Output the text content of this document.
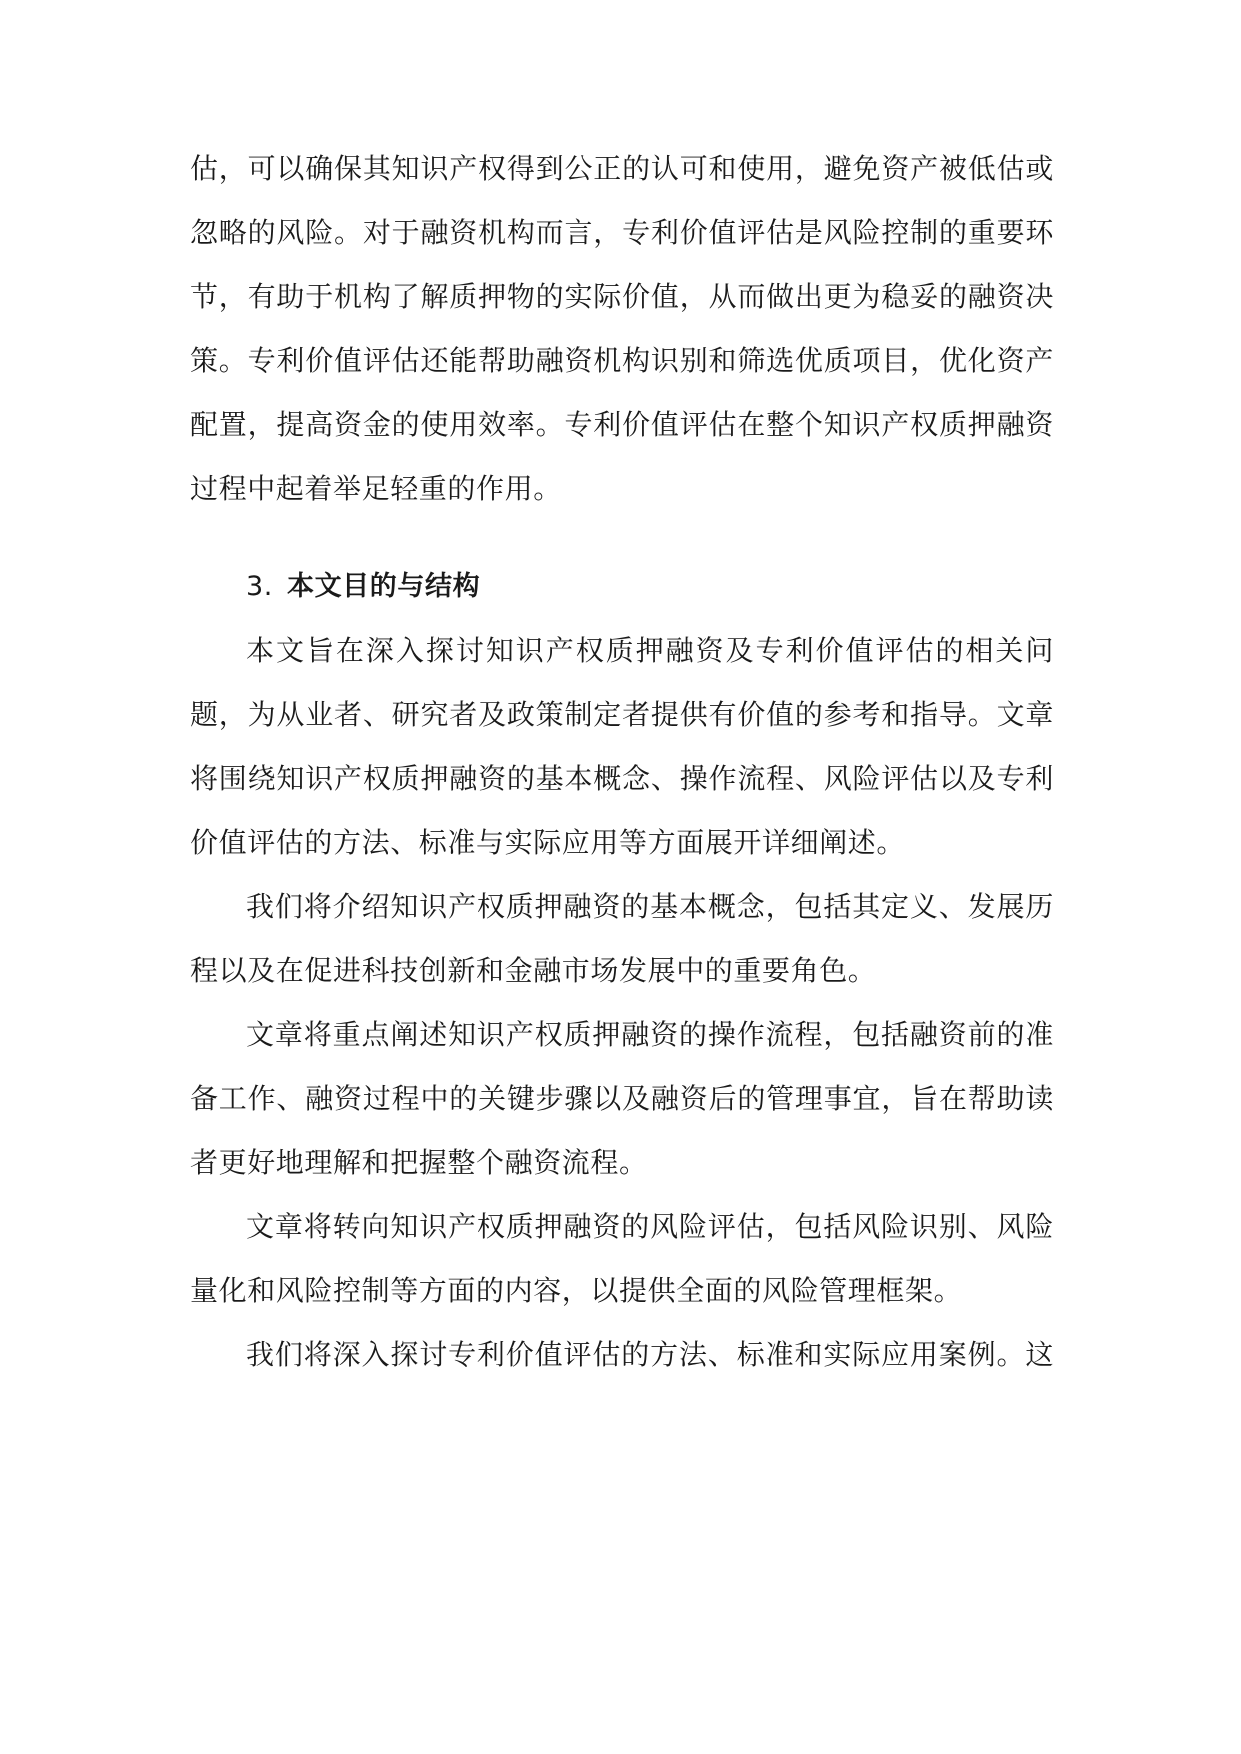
估，可以确保其知识产权得到公正的认可和使用，避免资产被低估或
忽略的风险。对于融资机构而言，专利价值评估是风险控制的重要环
节，有助于机构了解质押物的实际价值，从而做出更为稳妥的融资决
策。专利价值评估还能帮助融资机构识别和筛选优质项目，优化资产
配置，提高资金的使用效率。专利价值评估在整个知识产权质押融资
过程中起着举足轻重的作用。

3. 本文目的与结构

本文旨在深入探讨知识产权质押融资及专利价值评估的相关问
题，为从业者、研究者及政策制定者提供有价值的参考和指导。文章
将围绕知识产权质押融资的基本概念、操作流程、风险评估以及专利
价值评估的方法、标准与实际应用等方面展开详细阐述。

我们将介绍知识产权质押融资的基本概念，包括其定义、发展历
程以及在促进科技创新和金融市场发展中的重要角色。

文章将重点阐述知识产权质押融资的操作流程，包括融资前的准
备工作、融资过程中的关键步骤以及融资后的管理事宜，旨在帮助读
者更好地理解和把握整个融资流程。

文章将转向知识产权质押融资的风险评估，包括风险识别、风险
量化和风险控制等方面的内容，以提供全面的风险管理框架。

我们将深入探讨专利价值评估的方法、标准和实际应用案例。这
